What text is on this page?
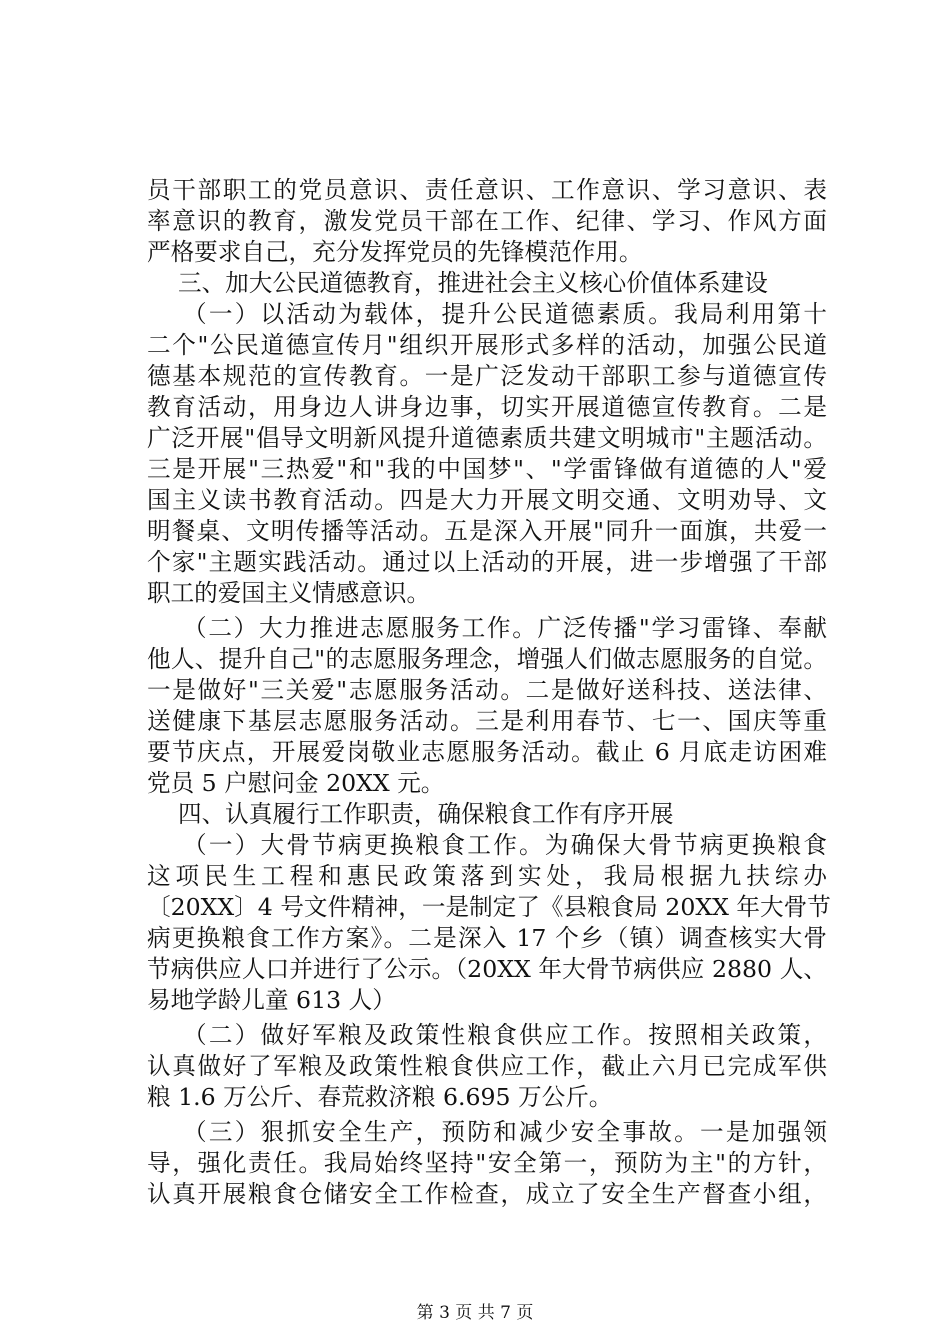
员干部职工的党员意识、责任意识、工作意识、学习意识、表
率意识的教育，激发党员干部在工作、纪律、学习、作风方面
严格要求自己，充分发挥党员的先锋模范作用。
三、加大公民道德教育，推进社会主义核心价值体系建设
（一）以活动为载体，提升公民道德素质。我局利用第十
二个"公民道德宣传月"组织开展形式多样的活动，加强公民道
德基本规范的宣传教育。一是广泛发动干部职工参与道德宣传
教育活动，用身边人讲身边事，切实开展道德宣传教育。二是
广泛开展"倡导文明新风提升道德素质共建文明城市"主题活动。
三是开展"三热爱"和"我的中国梦"、"学雷锋做有道德的人"爱
国主义读书教育活动。四是大力开展文明交通、文明劝导、文
明餐桌、文明传播等活动。五是深入开展"同升一面旗，共爱一
个家"主题实践活动。通过以上活动的开展，进一步增强了干部
职工的爱国主义情感意识。
（二）大力推进志愿服务工作。广泛传播"学习雷锋、奉献
他人、提升自己"的志愿服务理念，增强人们做志愿服务的自觉。
一是做好"三关爱"志愿服务活动。二是做好送科技、送法律、
送健康下基层志愿服务活动。三是利用春节、七一、国庆等重
要节庆点，开展爱岗敬业志愿服务活动。截止 6 月底走访困难
党员 5 户慰问金 20XX 元。
四、认真履行工作职责，确保粮食工作有序开展
（一）大骨节病更换粮食工作。为确保大骨节病更换粮食
这项民生工程和惠民政策落到实处，我局根据九扶综办
〔20XX〕4 号文件精神，一是制定了《县粮食局 20XX 年大骨节
病更换粮食工作方案》。二是深入 17 个乡（镇）调查核实大骨
节病供应人口并进行了公示。（20XX 年大骨节病供应 2880 人、
易地学龄儿童 613 人）
（二）做好军粮及政策性粮食供应工作。按照相关政策，
认真做好了军粮及政策性粮食供应工作，截止六月已完成军供
粮 1.6 万公斤、春荒救济粮 6.695 万公斤。
（三）狠抓安全生产，预防和减少安全事故。一是加强领
导，强化责任。我局始终坚持"安全第一，预防为主"的方针，
认真开展粮食仓储安全工作检查，成立了安全生产督查小组，
第 3 页 共 7 页
